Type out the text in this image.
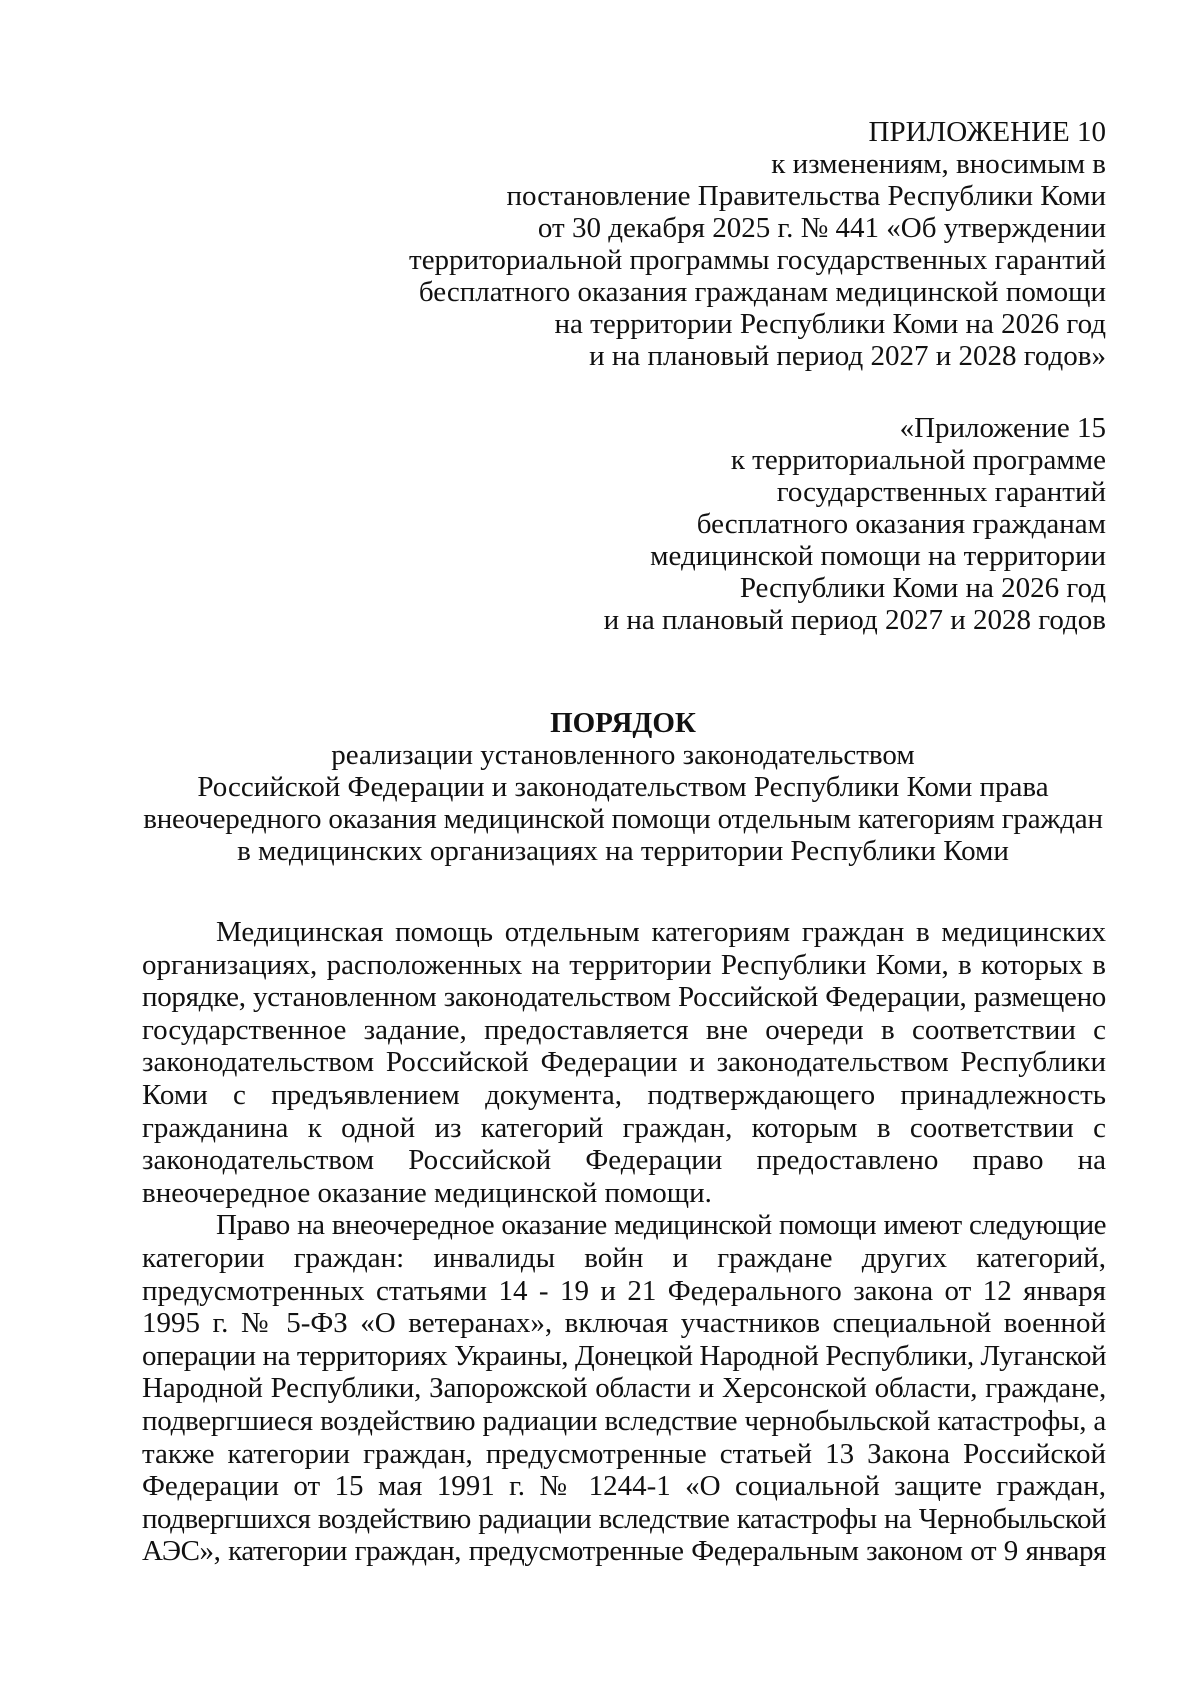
ПРИЛОЖЕНИЕ 10
к изменениям, вносимым в
постановление Правительства Республики Коми
от 30 декабря 2025 г. № 441 «Об утверждении
территориальной программы государственных гарантий
бесплатного оказания гражданам медицинской помощи
на территории Республики Коми на 2026 год
и на плановый период 2027 и 2028 годов»
«Приложение 15
к территориальной программе
государственных гарантий
бесплатного оказания гражданам
медицинской помощи на территории
Республики Коми на 2026 год
и на плановый период 2027 и 2028 годов
ПОРЯДОК
реализации установленного законодательством
Российской Федерации и законодательством Республики Коми права
внеочередного оказания медицинской помощи отдельным категориям граждан
в медицинских организациях на территории Республики Коми
Медицинская помощь отдельным категориям граждан в медицинских
организациях, расположенных на территории Республики Коми, в которых в
порядке, установленном законодательством Российской Федерации, размещено
государственное задание, предоставляется вне очереди в соответствии с
законодательством Российской Федерации и законодательством Республики
Коми с предъявлением документа, подтверждающего принадлежность
гражданина к одной из категорий граждан, которым в соответствии с
законодательством Российской Федерации предоставлено право на
внеочередное оказание медицинской помощи.
Право на внеочередное оказание медицинской помощи имеют следующие
категории граждан: инвалиды войн и граждане других категорий,
предусмотренных статьями 14 - 19 и 21 Федерального закона от 12 января
1995 г. № 5-ФЗ «О ветеранах», включая участников специальной военной
операции на территориях Украины, Донецкой Народной Республики, Луганской
Народной Республики, Запорожской области и Херсонской области, граждане,
подвергшиеся воздействию радиации вследствие чернобыльской катастрофы, а
также категории граждан, предусмотренные статьей 13 Закона Российской
Федерации от 15 мая 1991 г. № 1244-1 «О социальной защите граждан,
подвергшихся воздействию радиации вследствие катастрофы на Чернобыльской
АЭС», категории граждан, предусмотренные Федеральным законом от 9 января
